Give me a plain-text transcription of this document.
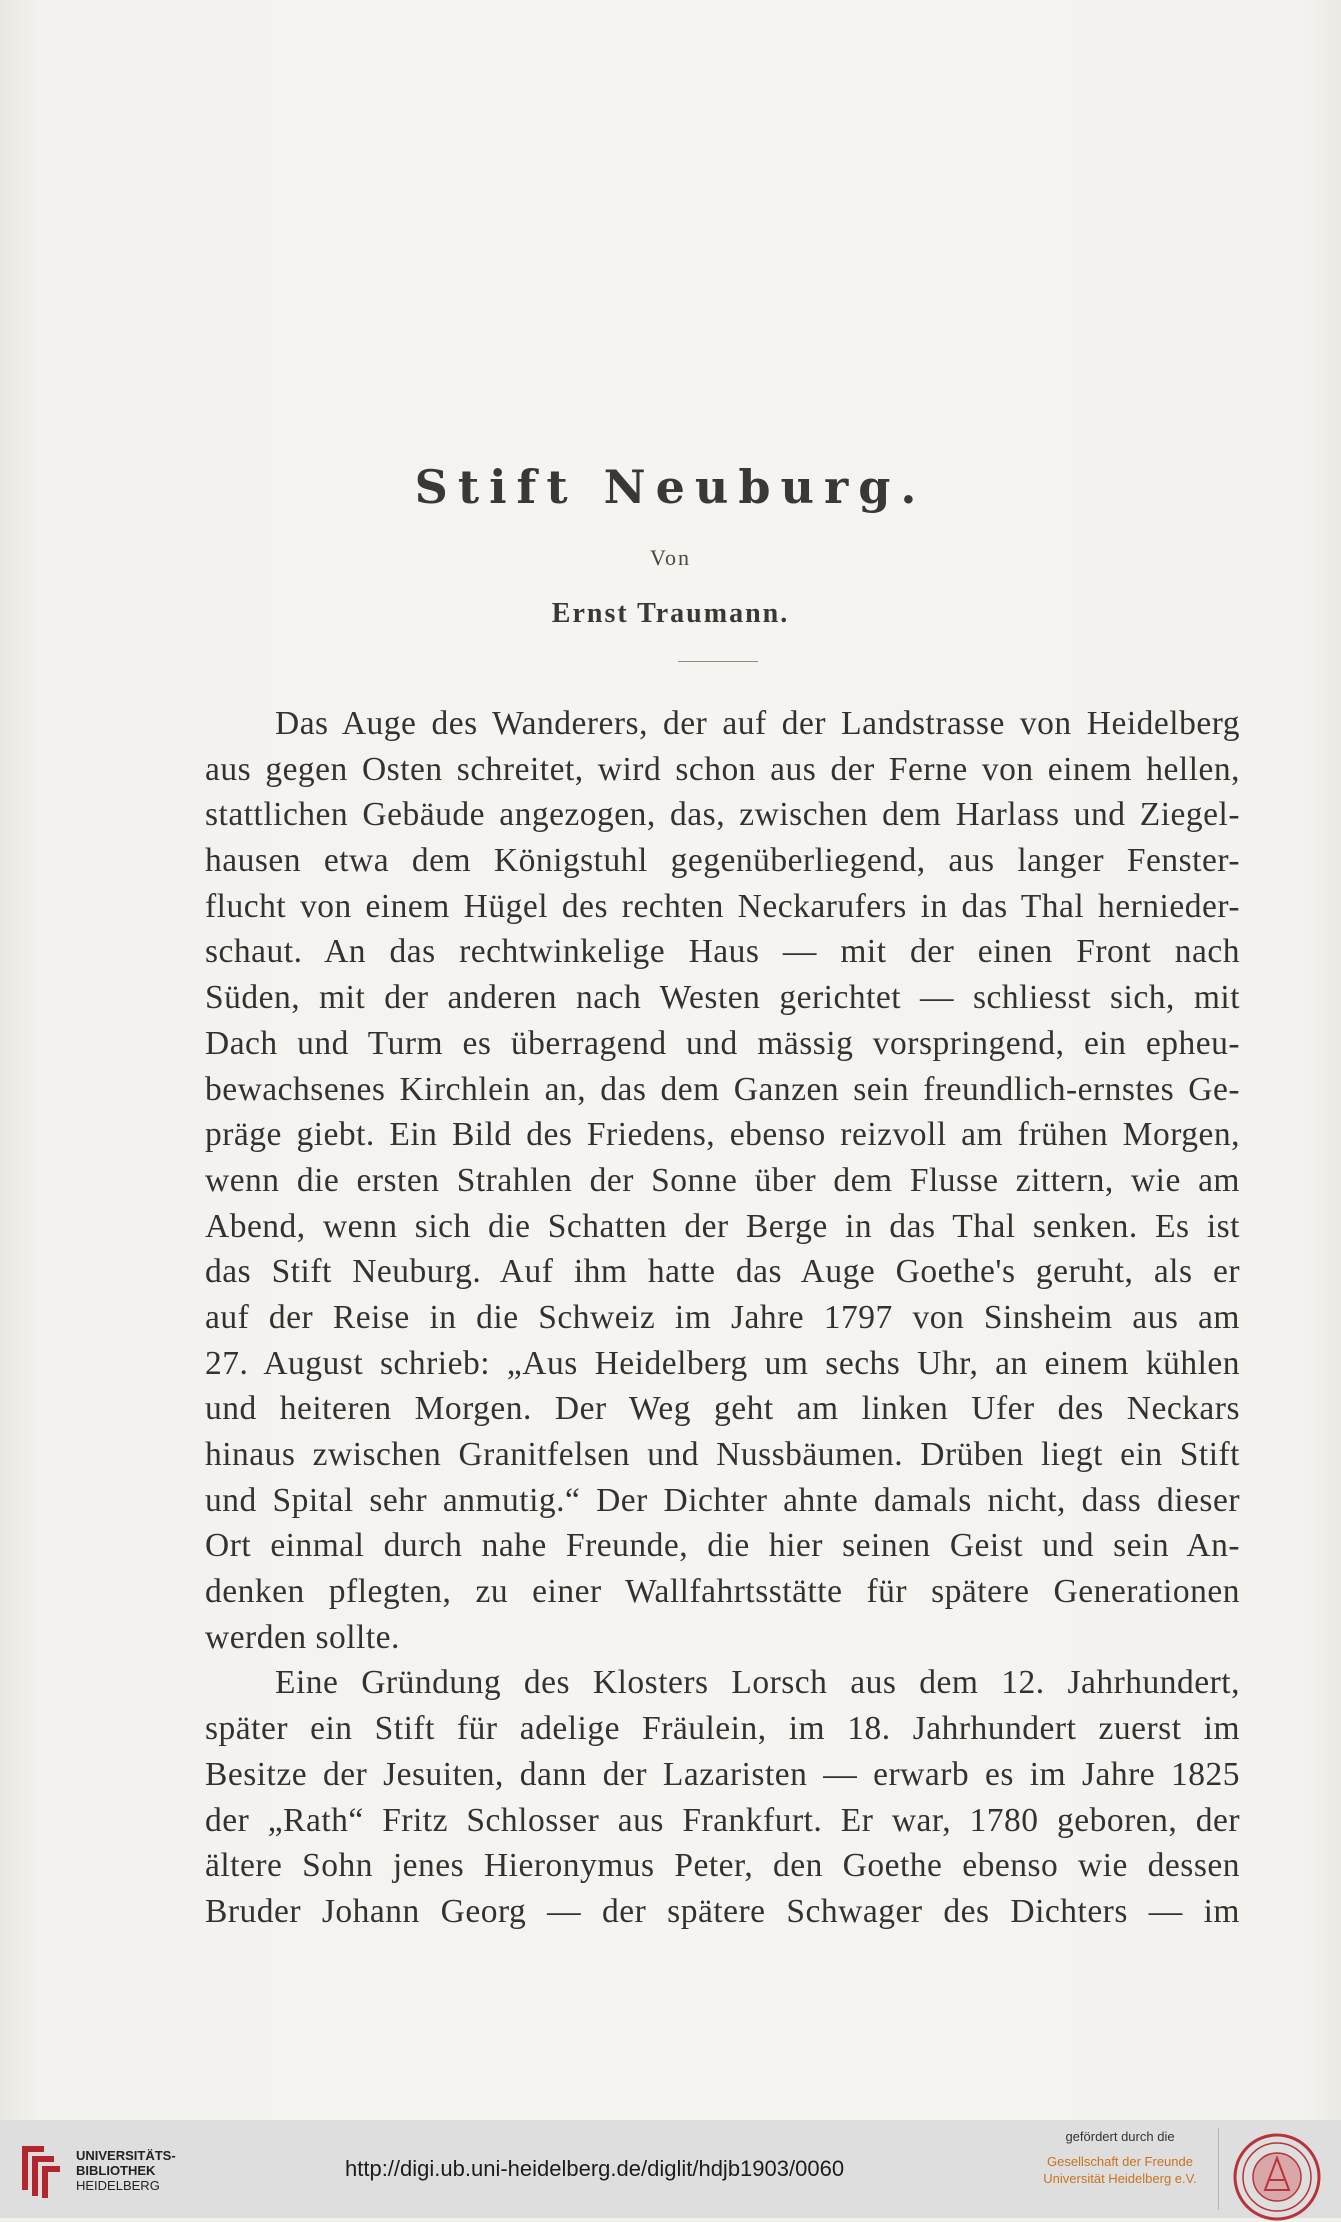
Stift Neuburg.
Von
Ernst Traumann.
Das Auge des Wanderers, der auf der Landstrasse von Heidelberg
aus gegen Osten schreitet, wird schon aus der Ferne von einem hellen,
stattlichen Gebäude angezogen, das, zwischen dem Harlass und Ziegel-
hausen etwa dem Königstuhl gegenüberliegend, aus langer Fenster-
flucht von einem Hügel des rechten Neckarufers in das Thal hernieder-
schaut. An das rechtwinkelige Haus — mit der einen Front nach
Süden, mit der anderen nach Westen gerichtet — schliesst sich, mit
Dach und Turm es überragend und mässig vorspringend, ein epheu-
bewachsenes Kirchlein an, das dem Ganzen sein freundlich-ernstes Ge-
präge giebt. Ein Bild des Friedens, ebenso reizvoll am frühen Morgen,
wenn die ersten Strahlen der Sonne über dem Flusse zittern, wie am
Abend, wenn sich die Schatten der Berge in das Thal senken. Es ist
das Stift Neuburg. Auf ihm hatte das Auge Goethe's geruht, als er
auf der Reise in die Schweiz im Jahre 1797 von Sinsheim aus am
27. August schrieb: „Aus Heidelberg um sechs Uhr, an einem kühlen
und heiteren Morgen. Der Weg geht am linken Ufer des Neckars
hinaus zwischen Granitfelsen und Nussbäumen. Drüben liegt ein Stift
und Spital sehr anmutig.“ Der Dichter ahnte damals nicht, dass dieser
Ort einmal durch nahe Freunde, die hier seinen Geist und sein An-
denken pflegten, zu einer Wallfahrtsstätte für spätere Generationen
werden sollte.
Eine Gründung des Klosters Lorsch aus dem 12. Jahrhundert,
später ein Stift für adelige Fräulein, im 18. Jahrhundert zuerst im
Besitze der Jesuiten, dann der Lazaristen — erwarb es im Jahre 1825
der „Rath“ Fritz Schlosser aus Frankfurt. Er war, 1780 geboren, der
ältere Sohn jenes Hieronymus Peter, den Goethe ebenso wie dessen
Bruder Johann Georg — der spätere Schwager des Dichters — im
UNIVERSITÄTS-
BIBLIOTHEK
HEIDELBERG
http://digi.ub.uni-heidelberg.de/diglit/hdjb1903/0060
gefördert durch die
Gesellschaft der Freunde
Universität Heidelberg e.V.
